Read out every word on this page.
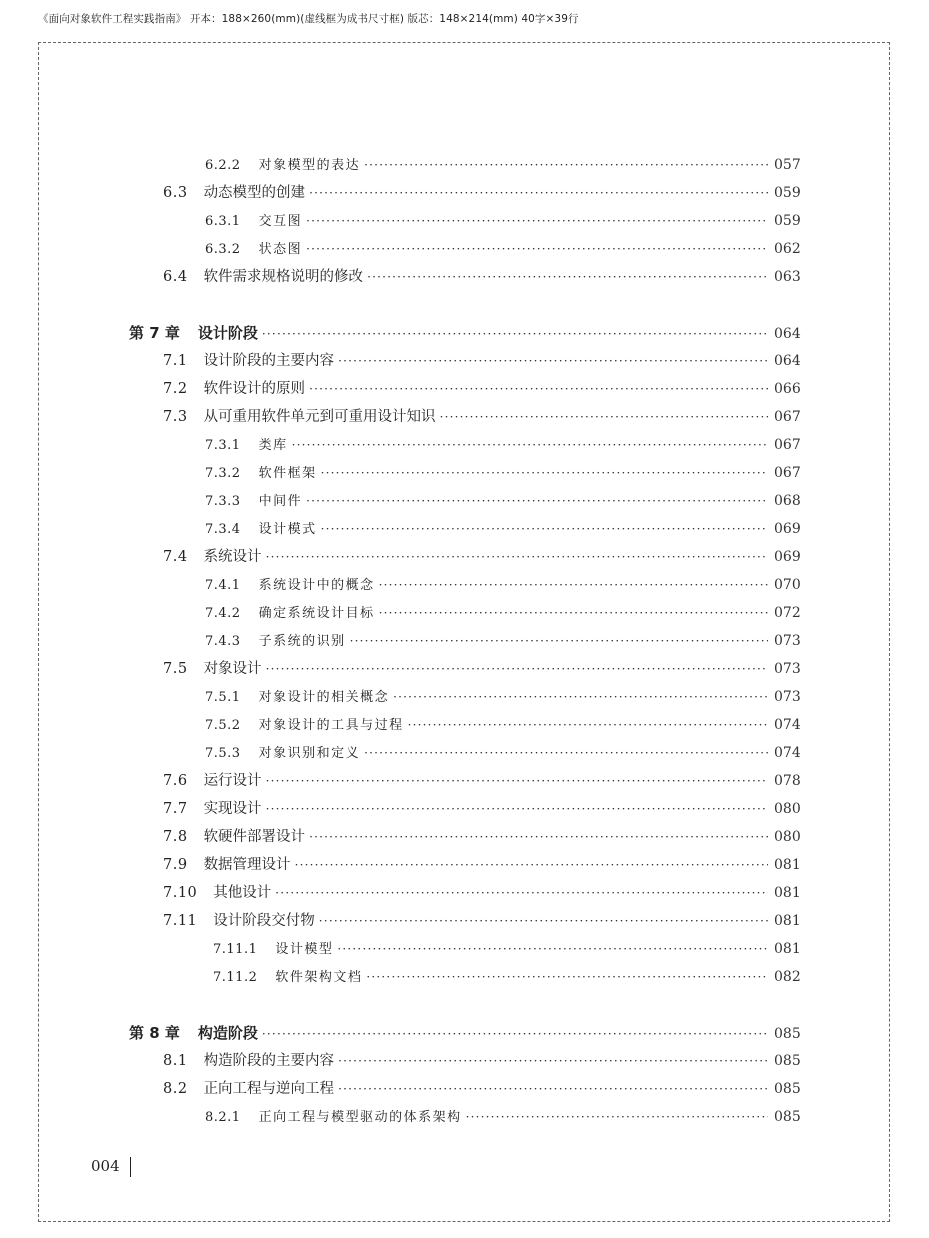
《面向对象软件工程实践指南》 开本：188×260(mm)(虚线框为成书尺寸框) 版芯：148×214(mm) 40字×39行
6.2.2 对象模型的表达 ·····	057
6.3 动态模型的创建 ·····	059
6.3.1 交互图 ·····	059
6.3.2 状态图 ·····	062
6.4 软件需求规格说明的修改 ·····	063
第 7 章 设计阶段 ·····	064
7.1 设计阶段的主要内容 ·····	064
7.2 软件设计的原则 ·····	066
7.3 从可重用软件单元到可重用设计知识 ·····	067
7.3.1 类库 ·····	067
7.3.2 软件框架 ·····	067
7.3.3 中间件 ·····	068
7.3.4 设计模式 ·····	069
7.4 系统设计 ·····	069
7.4.1 系统设计中的概念 ·····	070
7.4.2 确定系统设计目标 ·····	072
7.4.3 子系统的识别 ·····	073
7.5 对象设计 ·····	073
7.5.1 对象设计的相关概念 ·····	073
7.5.2 对象设计的工具与过程 ·····	074
7.5.3 对象识别和定义 ·····	074
7.6 运行设计 ·····	078
7.7 实现设计 ·····	080
7.8 软硬件部署设计 ·····	080
7.9 数据管理设计 ·····	081
7.10 其他设计 ·····	081
7.11 设计阶段交付物 ·····	081
7.11.1 设计模型 ·····	081
7.11.2 软件架构文档 ·····	082
第 8 章 构造阶段 ·····	085
8.1 构造阶段的主要内容 ·····	085
8.2 正向工程与逆向工程 ·····	085
8.2.1 正向工程与模型驱动的体系架构 ·····	085
004
